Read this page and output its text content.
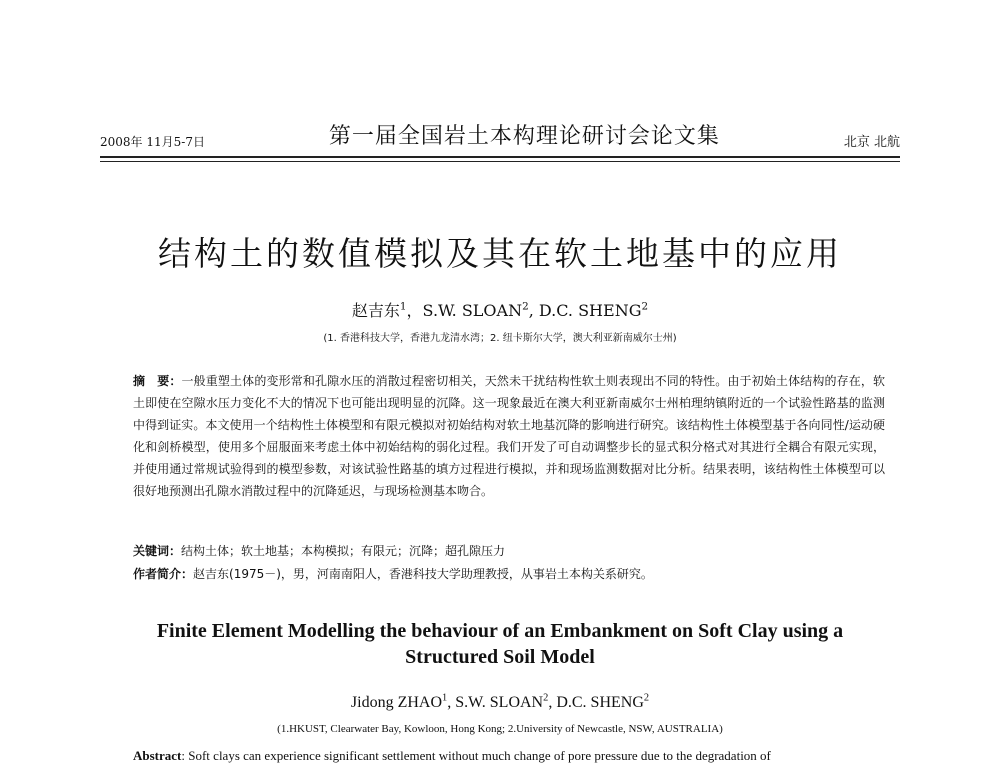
2008年 11月5-7日	第一届全国岩土本构理论研讨会论文集	北京 北航
结构土的数值模拟及其在软土地基中的应用
赵吉东$^1$，S.W. SLOAN$^2$, D.C. SHENG$^2$
(1. 香港科技大学，香港九龙清水湾；2. 纽卡斯尔大学，澳大利亚新南威尔士州)
摘　要：一般重塑土体的变形常和孔隙水压的消散过程密切相关，天然未干扰结构性软土则表现出不同的特性。由于初始土体结构的存在，软土即使在空隙水压力变化不大的情况下也可能出现明显的沉降。这一现象最近在澳大利亚新南威尔士州柏理纳镇附近的一个试验性路基的监测中得到证实。本文使用一个结构性土体模型和有限元模拟对初始结构对软土地基沉降的影响进行研究。该结构性土体模型基于各向同性/运动硬化和剑桥模型，使用多个屈服面来考虑土体中初始结构的弱化过程。我们开发了可自动调整步长的显式积分格式对其进行全耦合有限元实现，并使用通过常规试验得到的模型参数，对该试验性路基的填方过程进行模拟，并和现场监测数据对比分析。结果表明，该结构性土体模型可以很好地预测出孔隙水消散过程中的沉降延迟，与现场检测基本吻合。
关键词：结构土体；软土地基；本构模拟；有限元；沉降；超孔隙压力
作者简介：赵吉东(1975－)，男，河南南阳人，香港科技大学助理教授，从事岩土本构关系研究。
Finite Element Modelling the behaviour of an Embankment on Soft Clay using a
Structured Soil Model
Jidong ZHAO$^1$, S.W. SLOAN$^2$, D.C. SHENG$^2$
(1.HKUST, Clearwater Bay, Kowloon, Hong Kong; 2.University of Newcastle, NSW, AUSTRALIA)
Abstract: Soft clays can experience significant settlement without much change of pore pressure due to the degradation of
